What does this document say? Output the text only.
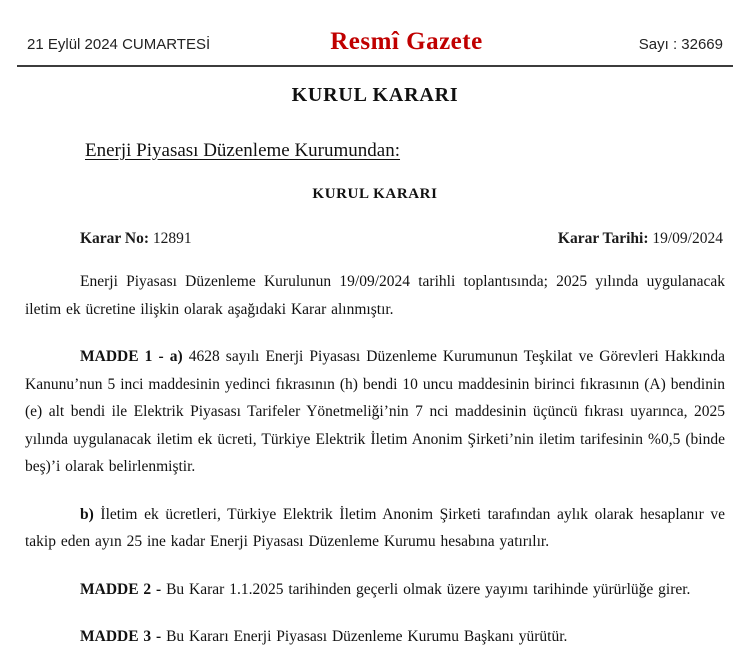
21 Eylül 2024 CUMARTESİ	Resmî Gazete	Sayı : 32669
KURUL KARARI
Enerji Piyasası Düzenleme Kurumundan:
KURUL KARARI
Karar No: 12891	Karar Tarihi: 19/09/2024

Enerji Piyasası Düzenleme Kurulunun 19/09/2024 tarihli toplantısında; 2025 yılında uygulanacak iletim ek ücretine ilişkin olarak aşağıdaki Karar alınmıştır.

MADDE 1 - a) 4628 sayılı Enerji Piyasası Düzenleme Kurumunun Teşkilat ve Görevleri Hakkında Kanunu’nun 5 inci maddesinin yedinci fıkrasının (h) bendi 10 uncu maddesinin birinci fıkrasının (A) bendinin (e) alt bendi ile Elektrik Piyasası Tarifeler Yönetmeliği’nin 7 nci maddesinin üçüncü fıkrası uyarınca, 2025 yılında uygulanacak iletim ek ücreti, Türkiye Elektrik İletim Anonim Şirketi’nin iletim tarifesinin %0,5 (binde beş)’i olarak belirlenmiştir.

b) İletim ek ücretleri, Türkiye Elektrik İletim Anonim Şirketi tarafından aylık olarak hesaplanır ve takip eden ayın 25 ine kadar Enerji Piyasası Düzenleme Kurumu hesabına yatırılır.

MADDE 2 - Bu Karar 1.1.2025 tarihinden geçerli olmak üzere yayımı tarihinde yürürlüğe girer.

MADDE 3 - Bu Kararı Enerji Piyasası Düzenleme Kurumu Başkanı yürütür.
